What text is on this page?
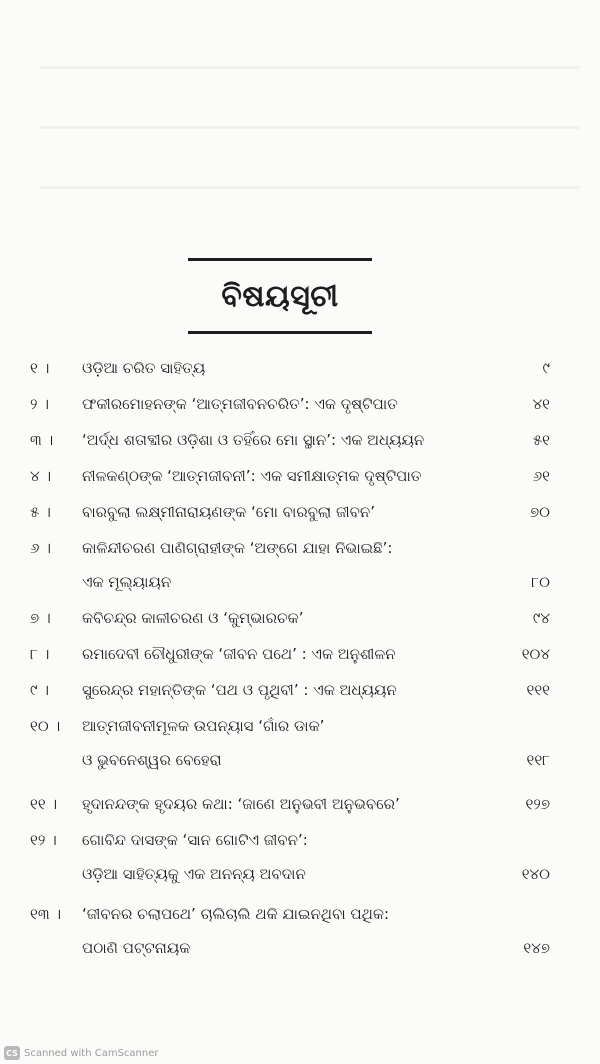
ବିଷୟସୂଚୀ
୧ ।	ଓଡ଼ିଆ ଚରିତ ସାହିତ୍ୟ	୯
୨ ।	ଫକୀରମୋହନଙ୍କ ‘ଆତ୍ମଜୀବନଚରିତ’: ଏକ ଦୃଷ୍ଟିପାତ	୪୧
୩ ।	‘ଅର୍ଦ୍ଧ ଶତାବ୍ଦୀର ଓଡ଼ିଶା ଓ ତହିଁରେ ମୋ ସ୍ଥାନ’: ଏକ ଅଧ୍ୟୟନ	୫୧
୪ ।	ନୀଳକଣ୍ଠଙ୍କ ‘ଆତ୍ମଜୀବନୀ’: ଏକ ସମୀକ୍ଷାତ୍ମକ ଦୃଷ୍ଟିପାତ	୬୧
୫ ।	ବାରବୁଲା ଲକ୍ଷ୍ମୀନାରାୟଣଙ୍କ ‘ମୋ ବାରବୁଲା ଜୀବନ’	୭୦
୬ ।	କାଳିନ୍ଦୀଚରଣ ପାଣିଗ୍ରାହୀଙ୍କ ‘ଅଙ୍ଗେ ଯାହା ନିଭାଇଛି’:
ଏକ ମୂଲ୍ୟାୟନ	୮୦
୭ ।	କବିଚନ୍ଦ୍ର କାଳୀଚରଣ ଓ ‘କୁମ୍ଭାରଚକ’	୯୪
୮ ।	ରମାଦେବୀ ଚୌଧୁରୀଙ୍କ ‘ଜୀବନ ପଥେ’ : ଏକ ଅନୁଶୀଳନ	୧୦୪
୯ ।	ସୁରେନ୍ଦ୍ର ମହାନ୍ତିଙ୍କ ‘ପଥ ଓ ପୃଥିବୀ’ : ଏକ ଅଧ୍ୟୟନ	୧୧୧
୧୦ ।	ଆତ୍ମଜୀବନୀମୂଳକ ଉପନ୍ୟାସ ‘ଗାଁର ଡାକ’
ଓ ଭୁବନେଶ୍ୱର ବେହେରା	୧୧୮
୧୧ ।	ହୃଦାନନ୍ଦଙ୍କ ହୃଦୟର କଥା: ‘ଜାଣେ ଅନୁଭବୀ ଅନୁଭବରେ’	୧୨୭
୧୨ ।	ଗୋବିନ୍ଦ ଦାସଙ୍କ ‘ସାନ ଗୋଟିଏ ଜୀବନ’:
ଓଡ଼ିଆ ସାହିତ୍ୟକୁ ଏକ ଅନନ୍ୟ ଅବଦାନ	୧୪୦
୧୩ ।	‘ଜୀବନର ଚଲାପଥେ’ ଚାଲିଚାଲି ଥକି ଯାଇନଥିବା ପଥିକ:
ପଠାଣି ପଟ୍ଟନାୟକ	୧୪୭
CS Scanned with CamScanner
